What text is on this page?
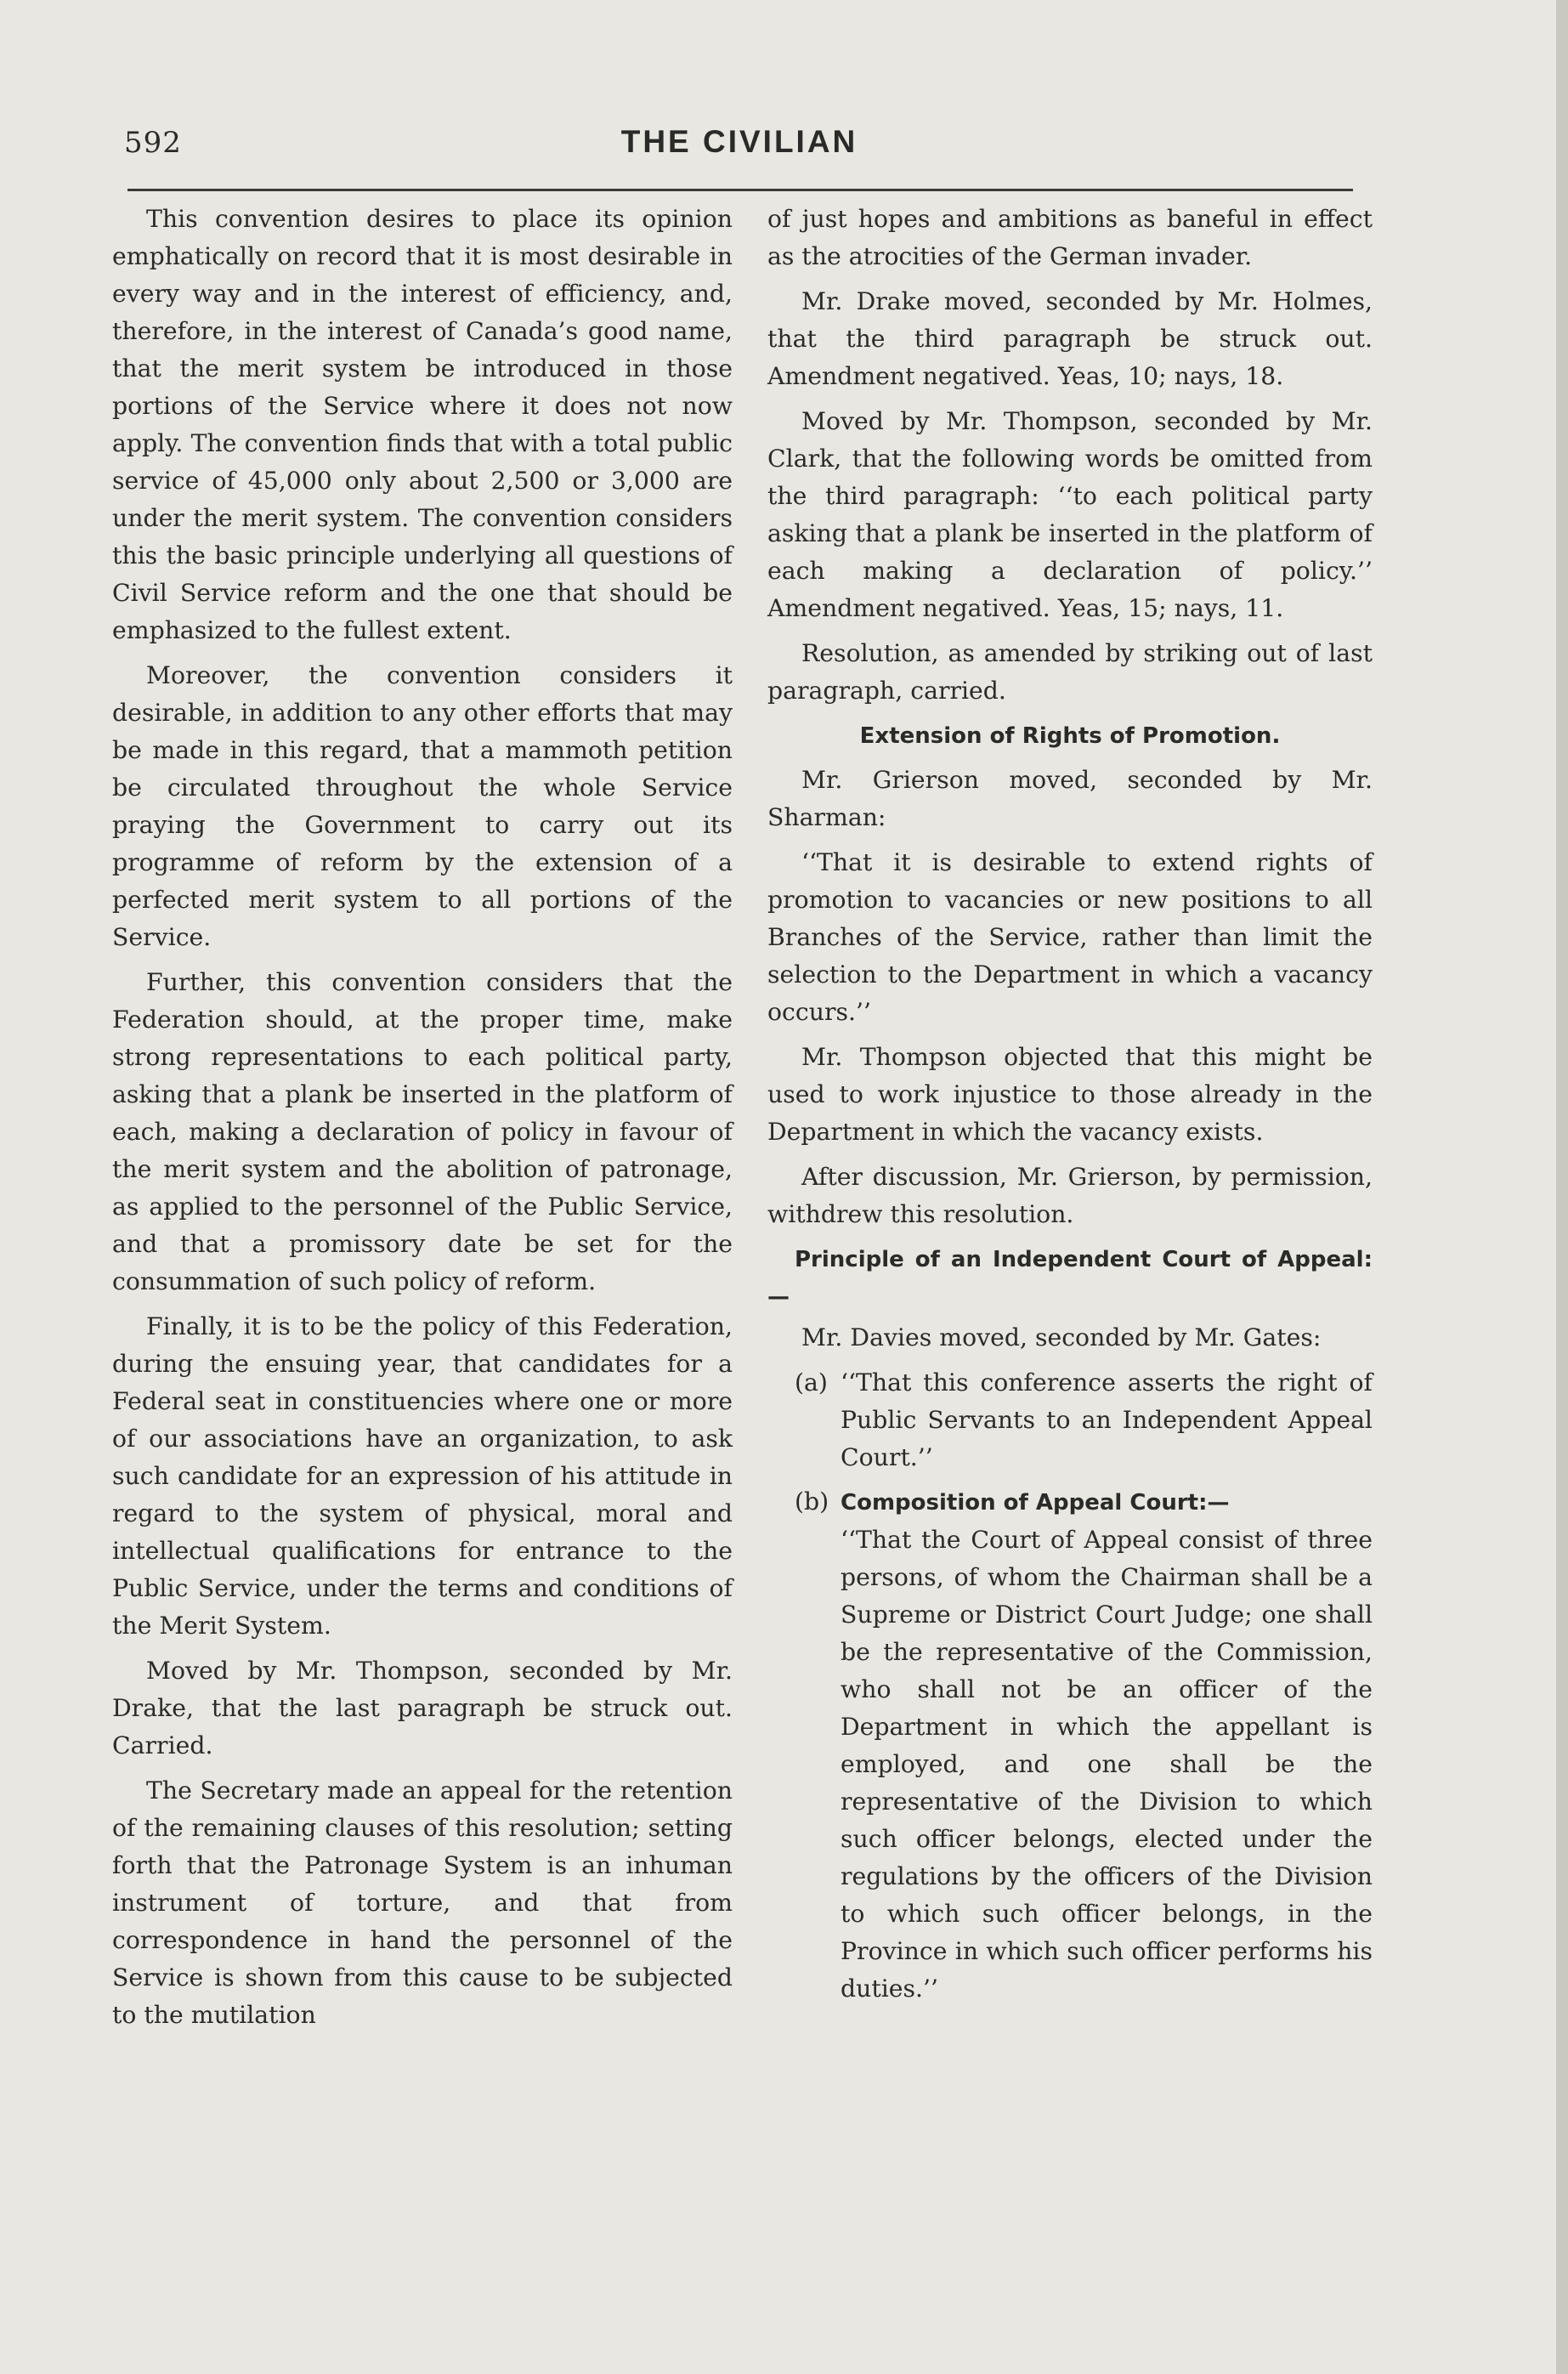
592	THE CIVILIAN

This convention desires to place its opinion emphatically on record that it is most desirable in every way and in the interest of efficiency, and, therefore, in the interest of Canada’s good name, that the merit system be introduced in those portions of the Service where it does not now apply. The convention finds that with a total public service of 45,000 only about 2,500 or 3,000 are under the merit system. The convention considers this the basic principle underlying all questions of Civil Service reform and the one that should be emphasized to the fullest extent.

Moreover, the convention considers it desirable, in addition to any other efforts that may be made in this regard, that a mammoth petition be circulated throughout the whole Service praying the Government to carry out its programme of reform by the extension of a perfected merit system to all portions of the Service.

Further, this convention considers that the Federation should, at the proper time, make strong representations to each political party, asking that a plank be inserted in the platform of each, making a declaration of policy in favour of the merit system and the abolition of patronage, as applied to the personnel of the Public Service, and that a promissory date be set for the consummation of such policy of reform.

Finally, it is to be the policy of this Federation, during the ensuing year, that candidates for a Federal seat in constituencies where one or more of our associations have an organization, to ask such candidate for an expression of his attitude in regard to the system of physical, moral and intellectual qualifications for entrance to the Public Service, under the terms and conditions of the Merit System.

Moved by Mr. Thompson, seconded by Mr. Drake, that the last paragraph be struck out. Carried.

The Secretary made an appeal for the retention of the remaining clauses of this resolution; setting forth that the Patronage System is an inhuman instrument of torture, and that from correspondence in hand the personnel of the Service is shown from this cause to be subjected to the mutilation

of just hopes and ambitions as baneful in effect as the atrocities of the German invader.

Mr. Drake moved, seconded by Mr. Holmes, that the third paragraph be struck out. Amendment negatived. Yeas, 10; nays, 18.

Moved by Mr. Thompson, seconded by Mr. Clark, that the following words be omitted from the third paragraph: ‘‘to each political party asking that a plank be inserted in the platform of each making a declaration of policy.’’ Amendment negatived. Yeas, 15; nays, 11.

Resolution, as amended by striking out of last paragraph, carried.

Extension of Rights of Promotion.

Mr. Grierson moved, seconded by Mr. Sharman:

‘‘That it is desirable to extend rights of promotion to vacancies or new positions to all Branches of the Service, rather than limit the selection to the Department in which a vacancy occurs.’’

Mr. Thompson objected that this might be used to work injustice to those already in the Department in which the vacancy exists.

After discussion, Mr. Grierson, by permission, withdrew this resolution.

Principle of an Independent Court of Appeal:—

Mr. Davies moved, seconded by Mr. Gates:

(a) ‘‘That this conference asserts the right of Public Servants to an Independent Appeal Court.’’
(b) Composition of Appeal Court:—
‘‘That the Court of Appeal consist of three persons, of whom the Chairman shall be a Supreme or District Court Judge; one shall be the representative of the Commission, who shall not be an officer of the Department in which the appellant is employed, and one shall be the representative of the Division to which such officer belongs, elected under the regulations by the officers of the Division to which such officer belongs, in the Province in which such officer performs his duties.’’
